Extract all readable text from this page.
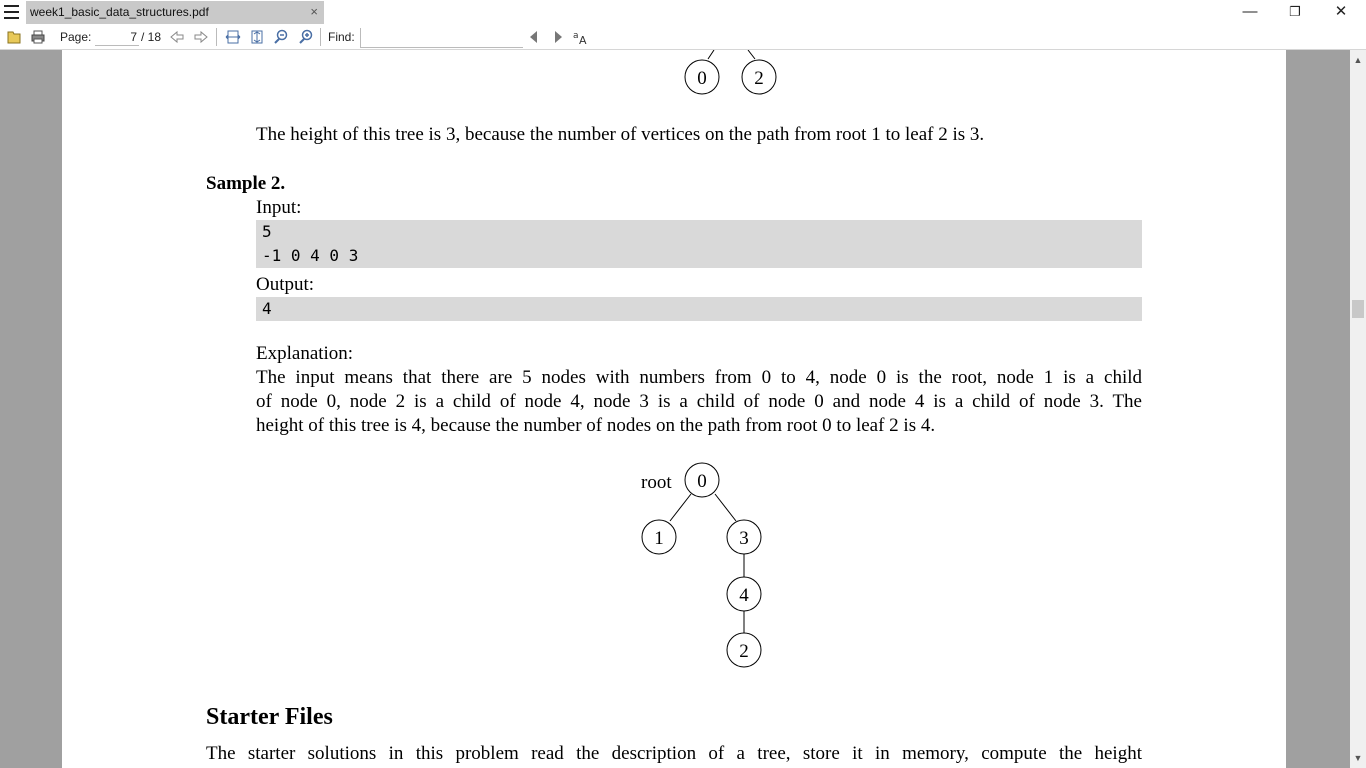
week1_basic_data_structures.pdf	×	—	❐	✕
Page:
7	/ 18	Find:	a A
0	2
The height of this tree is 3, because the number of vertices on the path from root 1 to leaf 2 is 3.
Sample 2.
Input:
5
-1 0 4 0 3
Output:
4
Explanation:
The input means that there are 5 nodes with numbers from 0 to 4, node 0 is the root, node 1 is a child
of node 0, node 2 is a child of node 4, node 3 is a child of node 0 and node 4 is a child of node 3. The
height of this tree is 4, because the number of nodes on the path from root 0 to leaf 2 is 4.
root 0
1	3
4
2
Starter Files
The starter solutions in this problem read the description of a tree, store it in memory, compute the height
▲
▼
